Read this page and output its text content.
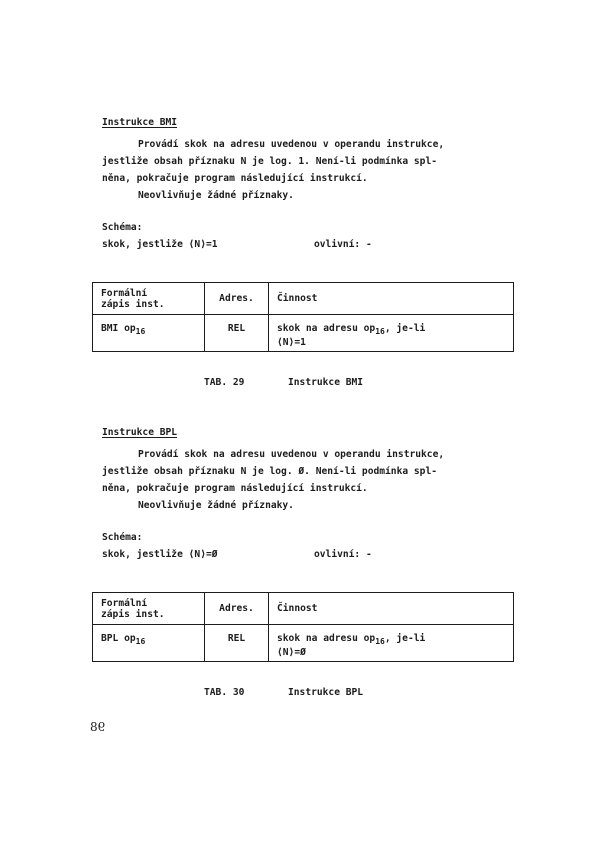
Instrukce BMI
Provádí skok na adresu uvedenou v operandu instrukce,
jestliže obsah příznaku N je log. 1. Není-li podmínka spl-
něna, pokračuje program následující instrukcí.
Neovlivňuje žádné příznaky.
Schéma:
skok, jestliže ⟨N⟩=1	ovlivní: -
Formální
zápis inst.	Adres.	Činnost
BMI $op_{16}$	REL	skok na adresu $op_{16}$, je-li
⟨N⟩=1
TAB. 29	Instrukce BMI
Instrukce BPL
Provádí skok na adresu uvedenou v operandu instrukce,
jestliže obsah příznaku N je log. Ø. Není-li podmínka spl-
něna, pokračuje program následující instrukcí.
Neovlivňuje žádné příznaky.
Schéma:
skok, jestliže ⟨N⟩=Ø	ovlivní: -
Formální
zápis inst.	Adres.	Činnost
BPL $op_{16}$	REL	skok na adresu $op_{16}$, je-li
⟨N⟩=Ø
TAB. 30	Instrukce BPL
98
